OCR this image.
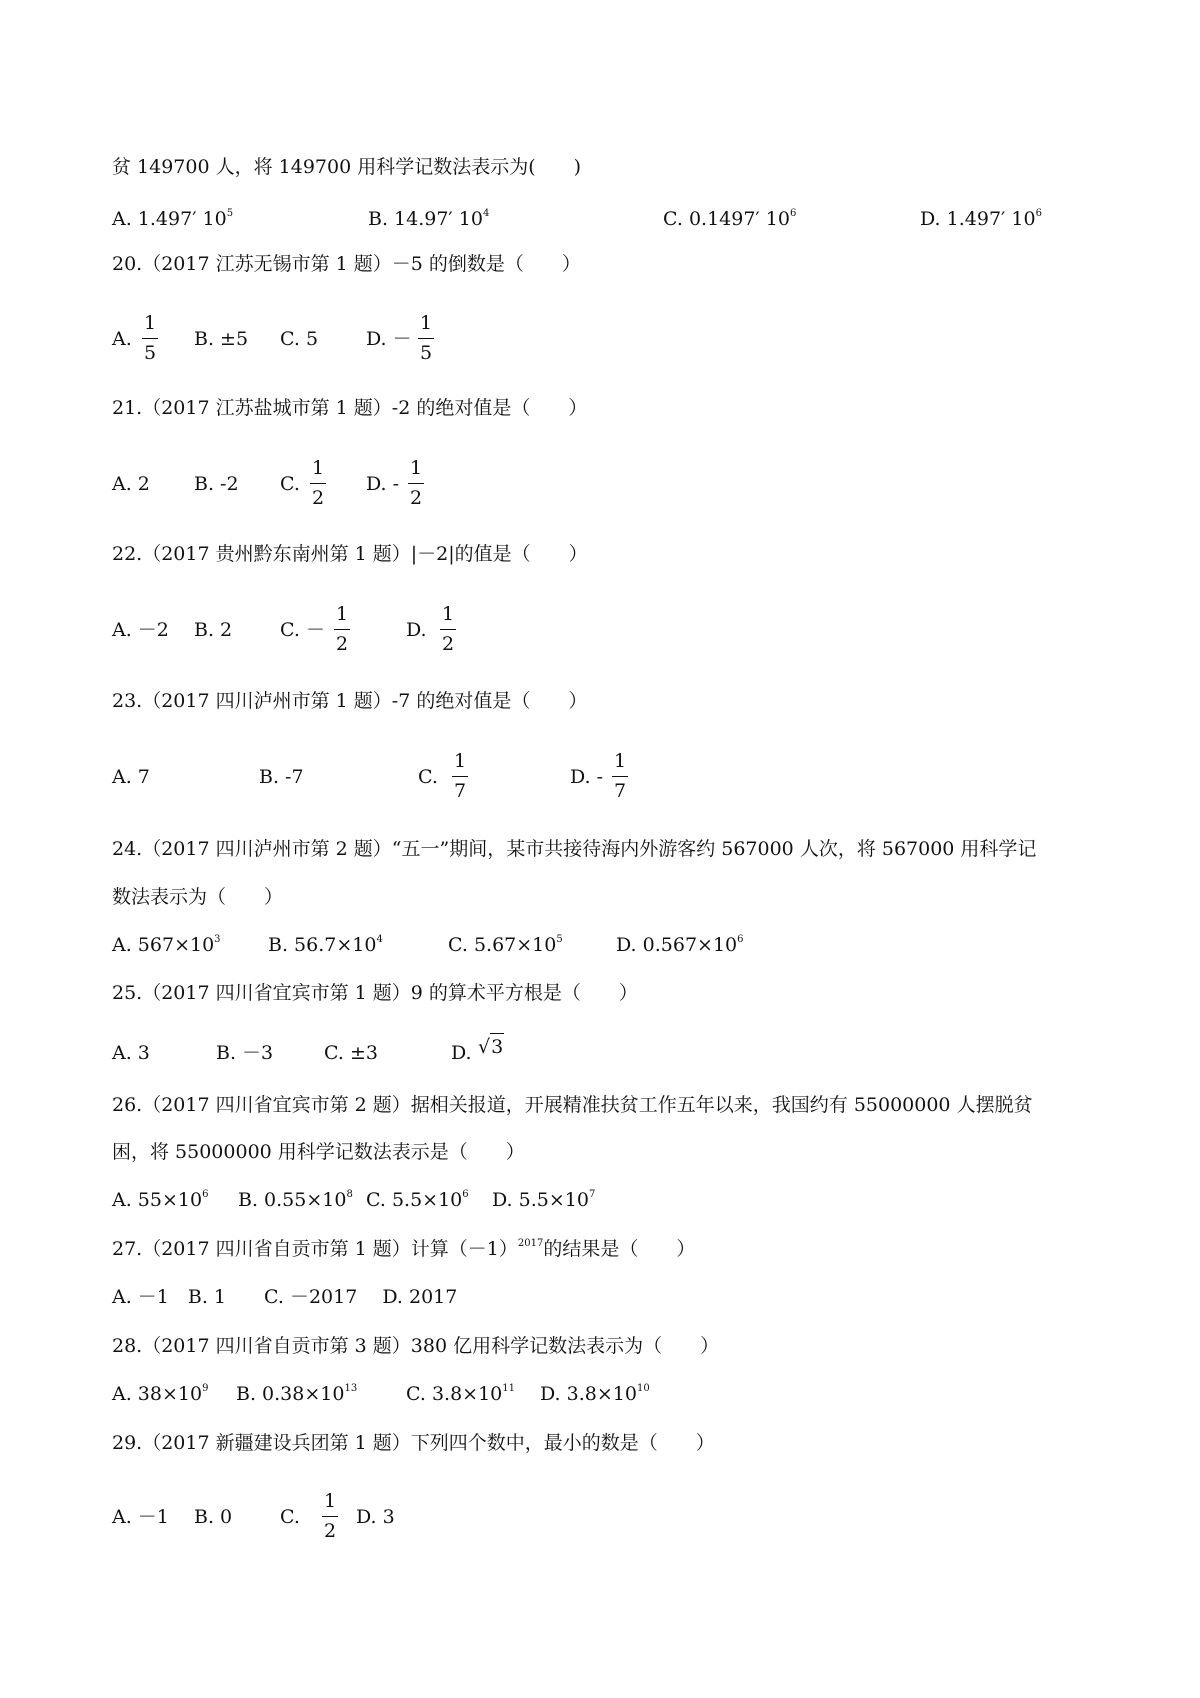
贫 149700 人，将 149700 用科学记数法表示为(　　)
A. 1.497′ $10^5$	B. 14.97′ $10^4$	C. 0.1497′ $10^6$	D. 1.497′ $10^6$
20.（2017 江苏无锡市第 1 题）－5 的倒数是（　　）
A. $\frac{1}{5} B$. ±5 C. 5	D. － $\frac{1}{5}$
21.（2017 江苏盐城市第 1 题）-2 的绝对值是（　　）
A. 2 B. -2 C. $\frac{1}{2} D$. - $\frac{1}{2}$
22.（2017 贵州黔东南州第 1 题）|－2|的值是（　　）
A. －2 B. 2	C. － $\frac{1}{2}$	D. $\frac{1}{2}$
23.（2017 四川泸州市第 1 题）-7 的绝对值是（　　）
A. 7	B. -7	C. $\frac{1}{7}$	D. - $\frac{1}{7}$
24.（2017 四川泸州市第 2 题）“五一”期间，某市共接待海内外游客约 567000 人次，将 567000 用科学记
数法表示为（　　）
A. $567\times 10^3$ B. $56.7\times 10^4$	C. $5.67\times 10^5$	D. $0.567\times 10^6$
25.（2017 四川省宜宾市第 1 题）9 的算术平方根是（　　）
A. 3	B. －3	C. ±3	D. √3
26.（2017 四川省宜宾市第 2 题）据相关报道，开展精准扶贫工作五年以来，我国约有 55000000 人摆脱贫
困，将 55000000 用科学记数法表示是（　　）
A. $55\times 10^6$ B. $0.55\times 10^8$ C. $5.5\times 10^6$ D. $5.5\times 10^7$
27.（2017 四川省自贡市第 1 题）计算$(-1)^{2017}$的结果是（　　）
A. －1　B. 1　　C. －2017　 D. 2017
28.（2017 四川省自贡市第 3 题）380 亿用科学记数法表示为（　　）
A. $38\times 10^9$ B. $0.38\times 10^{13}$	C. $3.8\times 10^{11}$ D. $3.8\times 10^{10}$
29.（2017 新疆建设兵团第 1 题）下列四个数中，最小的数是（　　）
A. －1 B. 0	C. $\frac{1}{2} D$. 3
